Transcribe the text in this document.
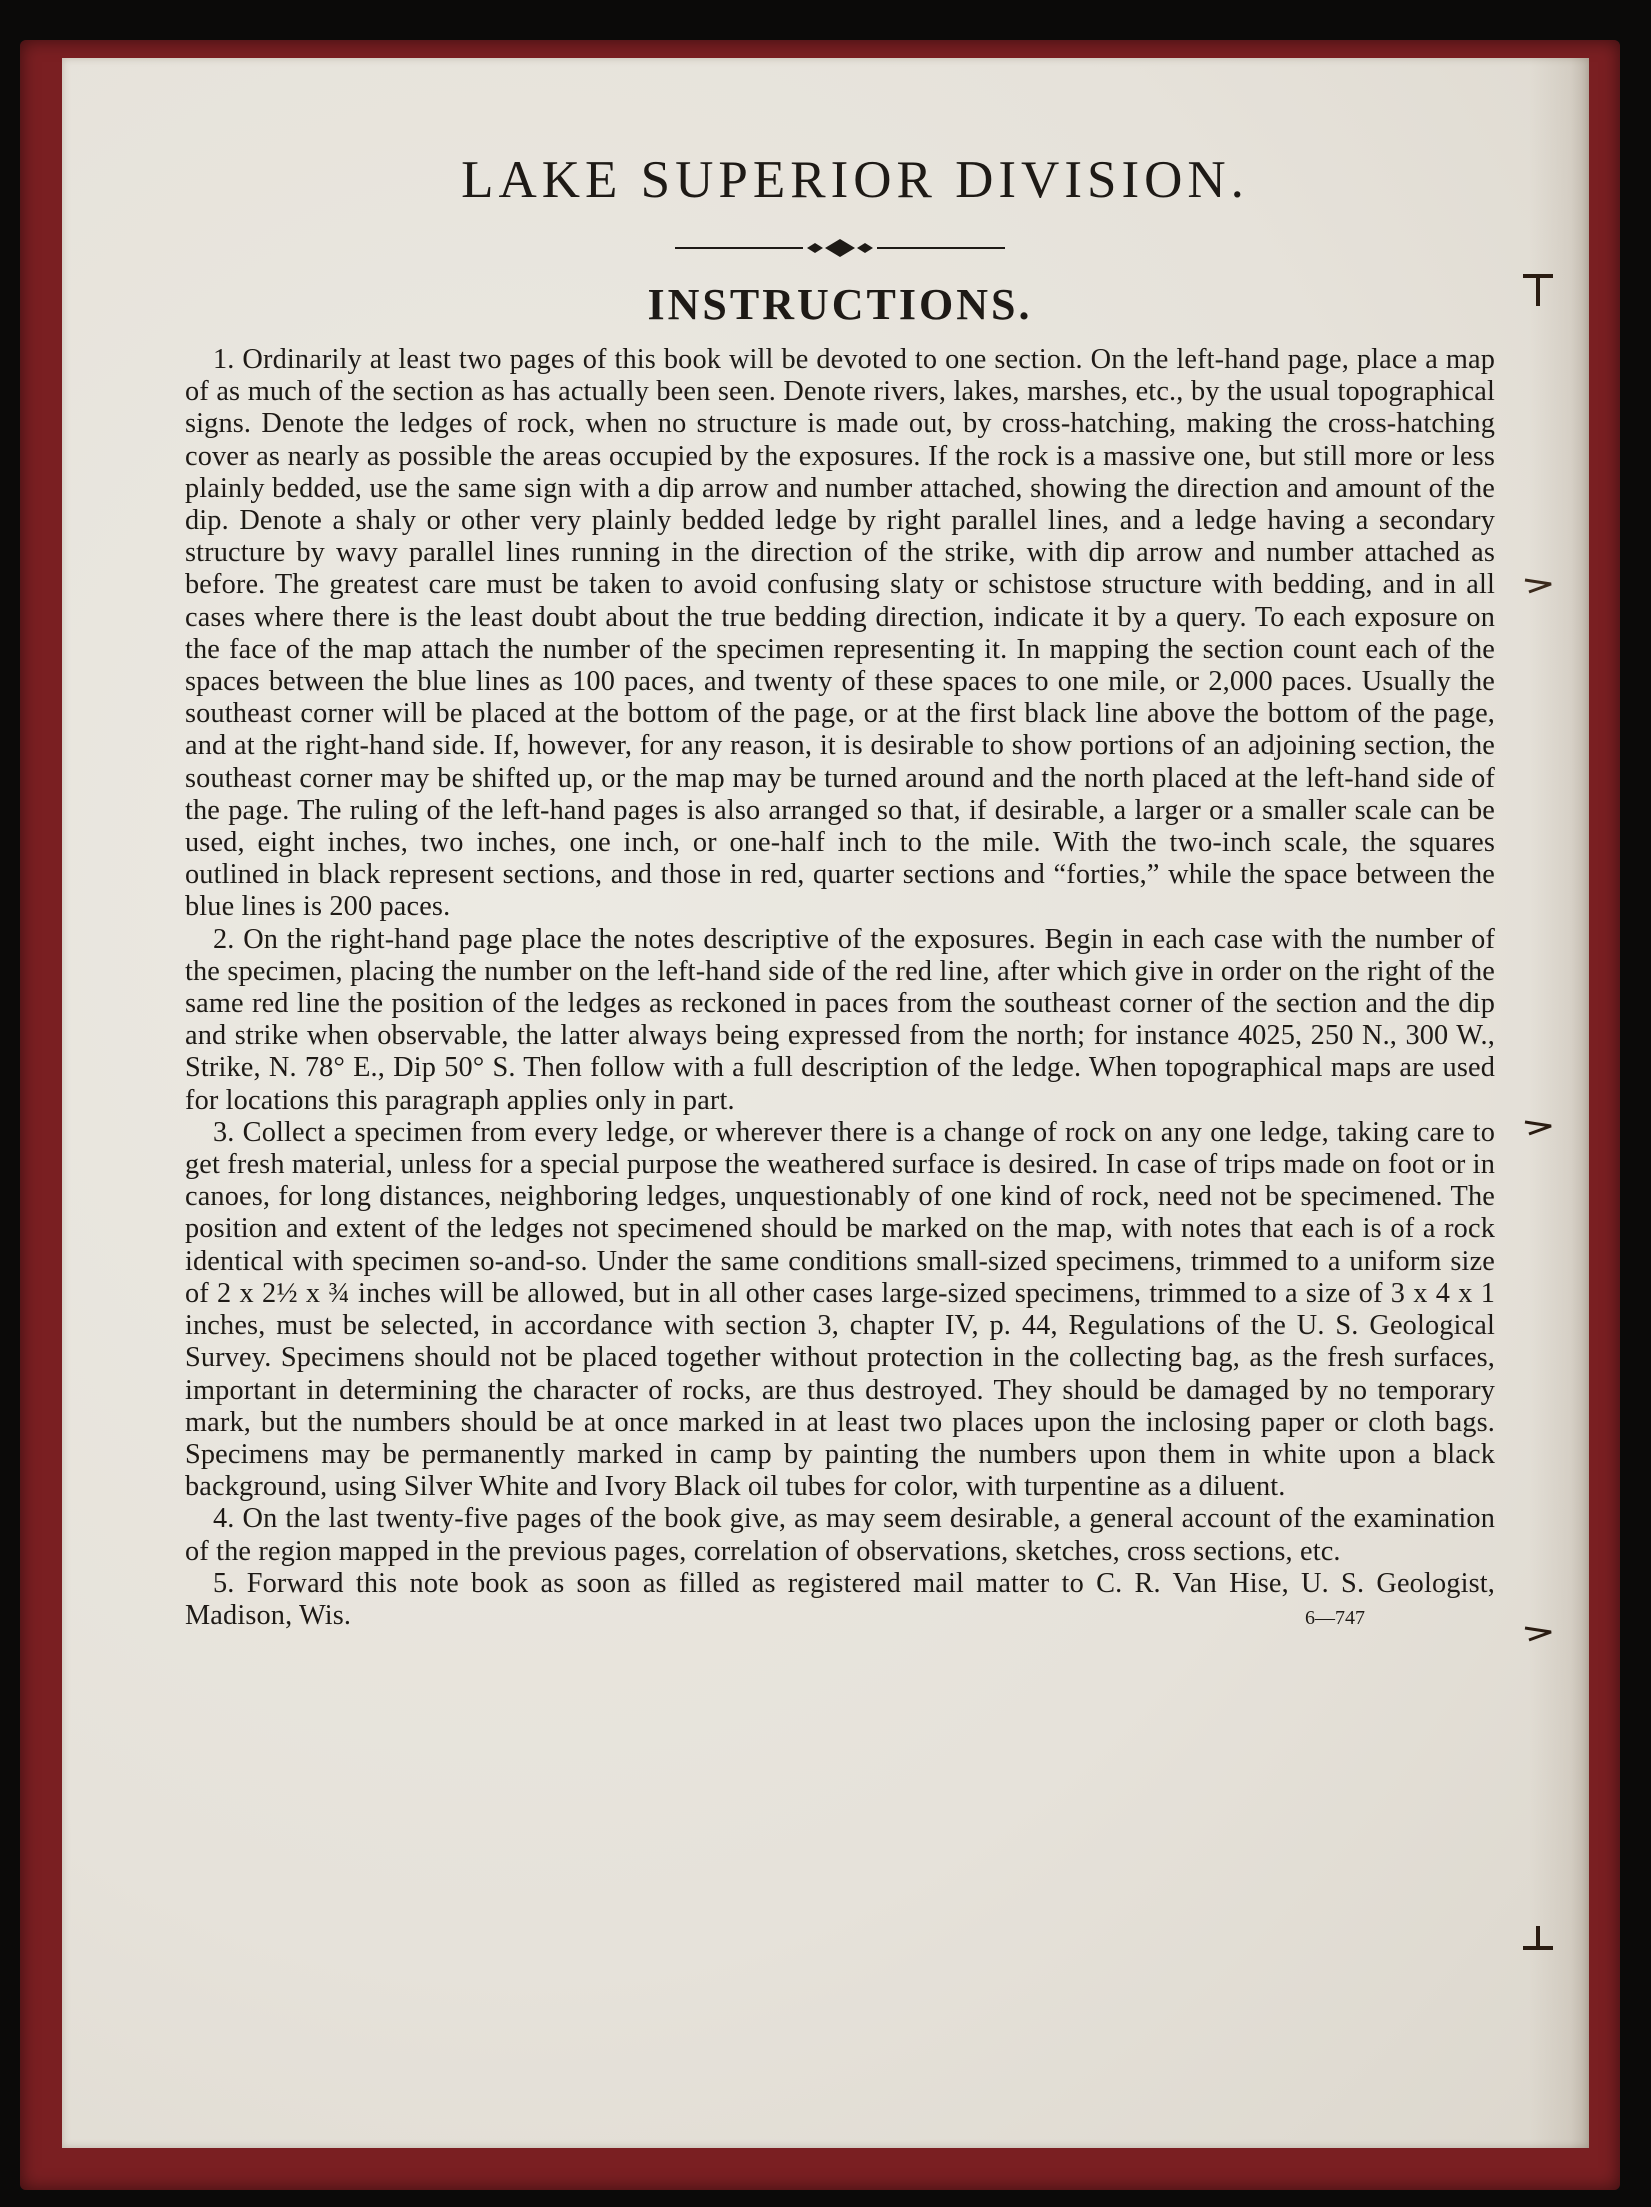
LAKE SUPERIOR DIVISION.
INSTRUCTIONS.

1. Ordinarily at least two pages of this book will be devoted to one section. On the left-hand page, place a map of as much of the section as has actually been seen. Denote rivers, lakes, marshes, etc., by the usual topographical signs. Denote the ledges of rock, when no structure is made out, by cross-hatching, making the cross-hatching cover as nearly as possible the areas occupied by the exposures. If the rock is a massive one, but still more or less plainly bedded, use the same sign with a dip arrow and number attached, showing the direction and amount of the dip. Denote a shaly or other very plainly bedded ledge by right parallel lines, and a ledge having a secondary structure by wavy parallel lines running in the direction of the strike, with dip arrow and number attached as before. The greatest care must be taken to avoid confusing slaty or schistose structure with bedding, and in all cases where there is the least doubt about the true bedding direction, indicate it by a query. To each exposure on the face of the map attach the number of the specimen representing it. In mapping the section count each of the spaces between the blue lines as 100 paces, and twenty of these spaces to one mile, or 2,000 paces. Usually the southeast corner will be placed at the bottom of the page, or at the first black line above the bottom of the page, and at the right-hand side. If, however, for any reason, it is desirable to show portions of an adjoining section, the southeast corner may be shifted up, or the map may be turned around and the north placed at the left-hand side of the page. The ruling of the left-hand pages is also arranged so that, if desirable, a larger or a smaller scale can be used, eight inches, two inches, one inch, or one-half inch to the mile. With the two-inch scale, the squares outlined in black represent sections, and those in red, quarter sections and “forties,” while the space between the blue lines is 200 paces.

2. On the right-hand page place the notes descriptive of the exposures. Begin in each case with the number of the specimen, placing the number on the left-hand side of the red line, after which give in order on the right of the same red line the position of the ledges as reckoned in paces from the southeast corner of the section and the dip and strike when observable, the latter always being expressed from the north; for instance 4025, 250 N., 300 W., Strike, N. 78° E., Dip 50° S. Then follow with a full description of the ledge. When topographical maps are used for locations this paragraph applies only in part.

3. Collect a specimen from every ledge, or wherever there is a change of rock on any one ledge, taking care to get fresh material, unless for a special purpose the weathered surface is desired. In case of trips made on foot or in canoes, for long distances, neighboring ledges, unquestionably of one kind of rock, need not be specimened. The position and extent of the ledges not specimened should be marked on the map, with notes that each is of a rock identical with specimen so-and-so. Under the same conditions small-sized specimens, trimmed to a uniform size of 2 x 2½ x ¾ inches will be allowed, but in all other cases large-sized specimens, trimmed to a size of 3 x 4 x 1 inches, must be selected, in accordance with section 3, chapter IV, p. 44, Regulations of the U. S. Geological Survey. Specimens should not be placed together without protection in the collecting bag, as the fresh surfaces, important in determining the character of rocks, are thus destroyed. They should be damaged by no temporary mark, but the numbers should be at once marked in at least two places upon the inclosing paper or cloth bags. Specimens may be permanently marked in camp by painting the numbers upon them in white upon a black background, using Silver White and Ivory Black oil tubes for color, with turpentine as a diluent.

4. On the last twenty-five pages of the book give, as may seem desirable, a general account of the examination of the region mapped in the previous pages, correlation of observations, sketches, cross sections, etc.

5. Forward this note book as soon as filled as registered mail matter to C. R. Van Hise, U. S. Geologist, Madison, Wis.	6—747
